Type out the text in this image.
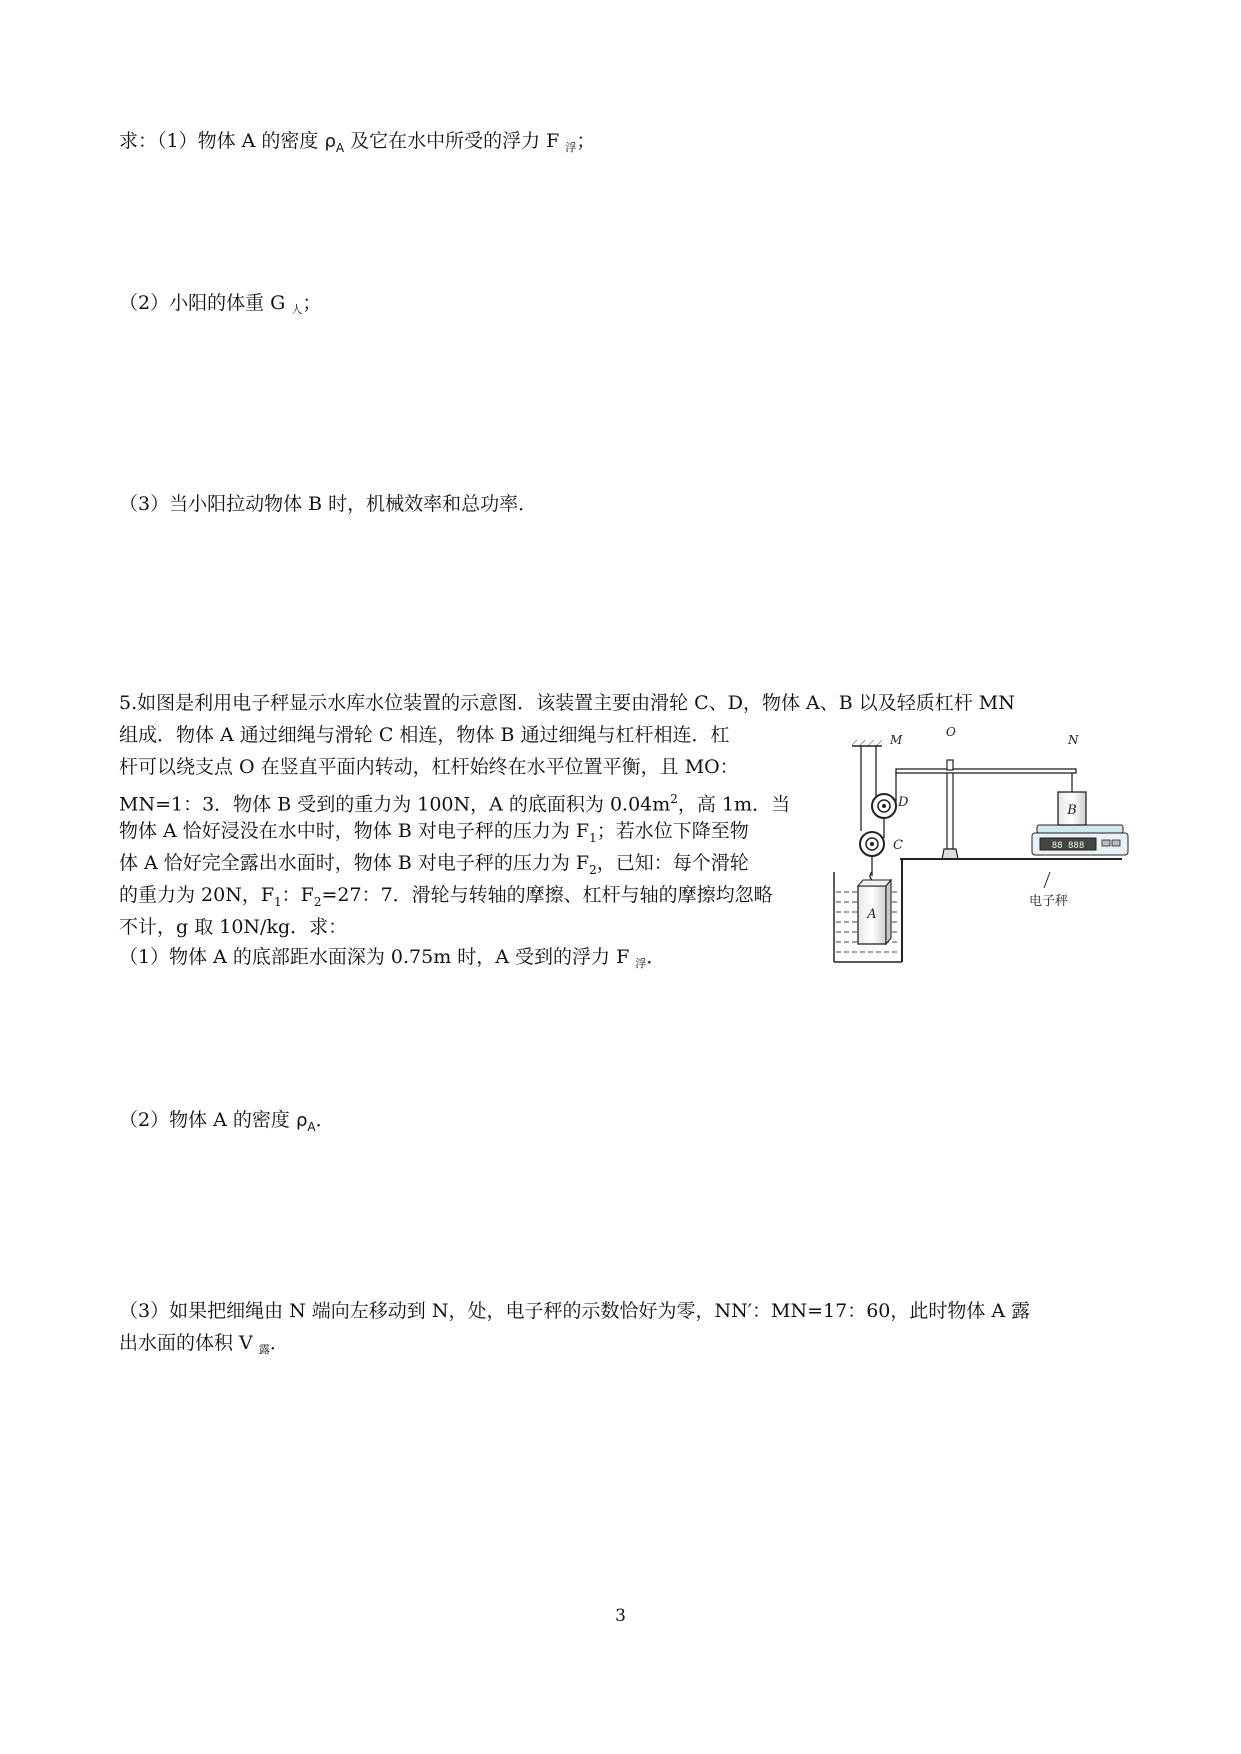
求：（1）物体 A 的密度 $\rho_A$ 及它在水中所受的浮力 F $_浮$；
（2）小阳的体重 G $_人$；
（3）当小阳拉动物体 B 时，机械效率和总功率．
5.如图是利用电子秤显示水库水位装置的示意图．该装置主要由滑轮 C、D，物体 A、B 以及轻质杠杆 MN
组成．物体 A 通过细绳与滑轮 C 相连，物体 B 通过细绳与杠杆相连．杠
杆可以绕支点 O 在竖直平面内转动，杠杆始终在水平位置平衡，且 MO：
MN=1：3．物体 B 受到的重力为 100N，A 的底面积为 $0.04m^2$，高 1m．当
物体 A 恰好浸没在水中时，物体 B 对电子秤的压力为 $F_1$；若水位下降至物
体 A 恰好完全露出水面时，物体 B 对电子秤的压力为 $F_2$，已知：每个滑轮
的重力为 20N，$F_1$：$F_2=27$：7．滑轮与转轴的摩擦、杠杆与轴的摩擦均忽略
不计，g 取 10N/kg．求：
（1）物体 A 的底部距水面深为 0.75m 时，A 受到的浮力 F $_浮$．
（2）物体 A 的密度 $\rho_A$．
（3）如果把细绳由 N 端向左移动到 N，处，电子秤的示数恰好为零，NN′：MN=17：60，此时物体 A 露
出水面的体积 V $_露$．
D
C
M
O
N
88 888
B
电子秤
A
3
